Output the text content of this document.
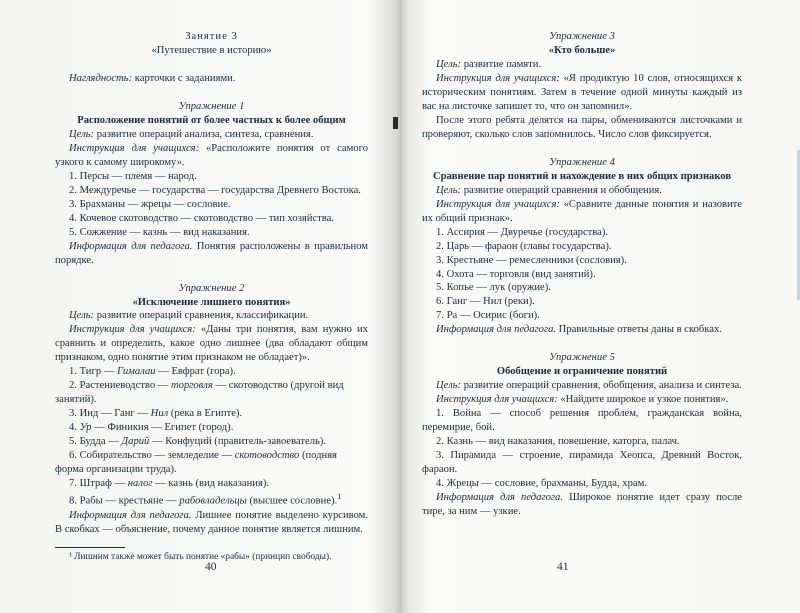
Занятие 3
«Путешествие в историю»

Наглядность: карточки с заданиями.

Упражнение 1
Расположение понятий от более частных к более общим

Цель: развитие операций анализа, синтеза, сравнения.

Инструкция для учащихся: «Расположите понятия от самого узкого к самому широкому».

1. Персы — племя — народ.

2. Междуречье — государства — государства Древнего Востока.

3. Брахманы — жрецы — сословие.

4. Кочевое скотоводство — скотоводство — тип хозяйства.

5. Сожжение — казнь — вид наказания.

Информация для педагога. Понятия расположены в правильном порядке.

Упражнение 2
«Исключение лишнего понятия»

Цель: развитие операций сравнения, классификации.

Инструкция для учащихся: «Даны три понятия, вам нужно их сравнить и определить, какое одно лишнее (два обладают общим признаком, одно понятие этим признаком не обладает)».

1. Тигр — Гималаи — Евфрат (гора).

2. Растениеводство — торговля — скотоводство (другой вид занятий).

3. Инд — Ганг — Нил (река в Египте).

4. Ур — Финикия — Египет (город).

5. Будда — Дарий — Конфуций (правитель-завоеватель).

6. Собирательство — земледелие — скотоводство (подняя форма организации труда).

7. Штраф — налог — казнь (вид наказания).

8. Рабы — крестьяне — рабовладельцы (высшее сословие).$^1$

Информация для педагога. Лишнее понятие выделено курсивом. В скобках — объяснение, почему данное понятие является лишним.

¹ Лишним также может быть понятие «рабы» (принцип свободы).

40
Упражнение 3
«Кто больше»

Цель: развитие памяти.

Инструкция для учащихся: «Я продиктую 10 слов, относящихся к историческим понятиям. Затем в течение одной минуты каждый из вас на листочке запишет то, что он запомнил».

После этого ребята делятся на пары, обмениваются листочками и проверяют, сколько слов запомнилось. Число слов фиксируется.

Упражнение 4
Сравнение пар понятий и нахождение в них общих признаков

Цель: развитие операций сравнения и обобщения.

Инструкция для учащихся: «Сравните данные понятия и назовите их общий признак».

1. Ассирия — Двуречье (государства).

2. Царь — фараон (главы государства).

3. Крестьяне — ремесленники (сословия).

4. Охота — торговля (вид занятий).

5. Копье — лук (оружие).

6. Ганг — Нил (реки).

7. Ра — Осирис (боги).

Информация для педагога. Правильные ответы даны в скобках.

Упражнение 5
Обобщение и ограничение понятий

Цель: развитие операций сравнения, обобщения, анализа и синтеза.

Инструкция для учащихся: «Найдите широкое и узкое понятия».

1. Война — способ решения проблем, гражданская война, перемирие, бой.

2. Казнь — вид наказания, повешение, каторга, палач.

3. Пирамида — строение, пирамида Хеопса, Древний Восток, фараон.

4. Жрецы — сословие, брахманы, Будда, храм.

Информация для педагога. Широкое понятие идет сразу после тире, за ним — узкие.

41
